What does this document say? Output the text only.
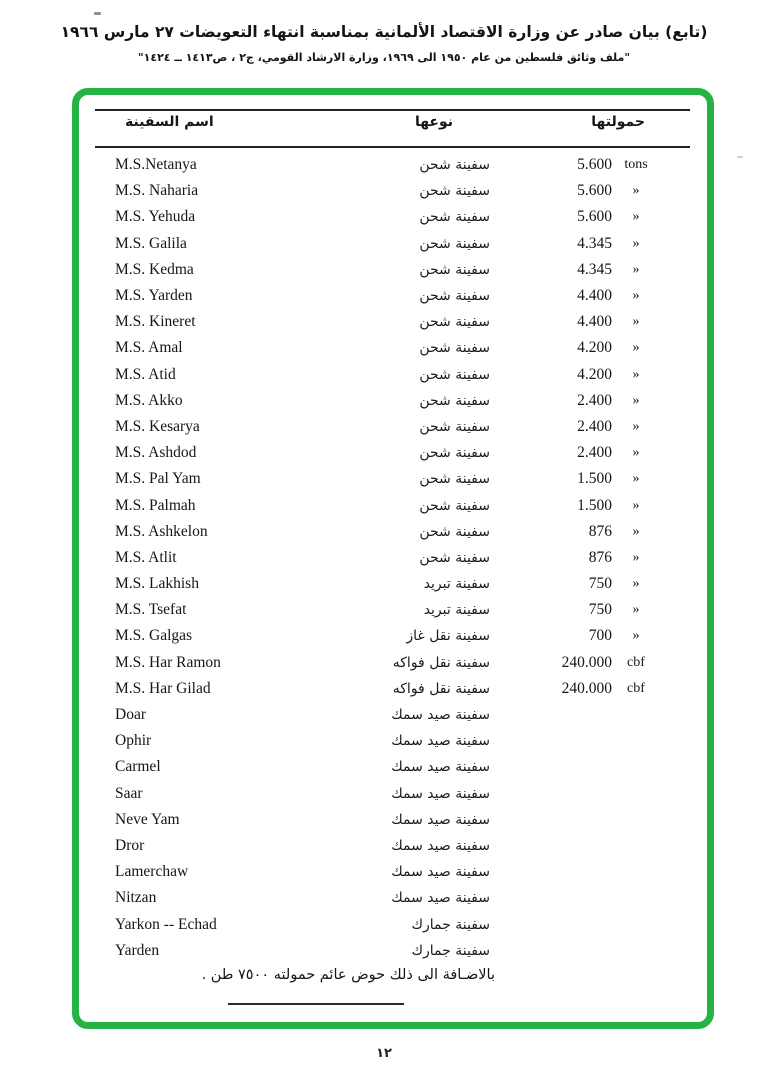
(تابع) بيان صادر عن وزارة الاقتصاد الألمانية بمناسبة انتهاء التعويضات ٢٧ مارس ١٩٦٦
"ملف وثائق فلسطين من عام ١٩٥٠ الى ١٩٦٩، وزارة الارشاد القومي، ج٢ ، ص١٤١٣ ــ ١٤٢٤"
اسم السفينة	نوعها	حمولتها
M.S.Netanya	سفينة شحن	5.600 tons
M.S. Naharia	سفينة شحن	5.600	»
M.S. Yehuda	سفينة شحن	5.600	»
M.S. Galila	سفينة شحن	4.345	»
M.S. Kedma	سفينة شحن	4.345	»
M.S. Yarden	سفينة شحن	4.400	»
M.S. Kineret	سفينة شحن	4.400	»
M.S. Amal	سفينة شحن	4.200	»
M.S. Atid	سفينة شحن	4.200	»
M.S. Akko	سفينة شحن	2.400	»
M.S. Kesarya	سفينة شحن	2.400	»
M.S. Ashdod	سفينة شحن	2.400	»
M.S. Pal Yam	سفينة شحن	1.500	»
M.S. Palmah	سفينة شحن	1.500	»
M.S. Ashkelon	سفينة شحن	876	»
M.S. Atlit	سفينة شحن	876	»
M.S. Lakhish	سفينة تبريد	750	»
M.S. Tsefat	سفينة تبريد	750	»
M.S. Galgas	سفينة نقل غاز	700	»
M.S. Har Ramon	سفينة نقل فواكه	240.000	cbf
M.S. Har Gilad	سفينة نقل فواكه	240.000	cbf
Doar	سفينة صيد سمك
Ophir	سفينة صيد سمك
Carmel	سفينة صيد سمك
Saar	سفينة صيد سمك
Neve Yam	سفينة صيد سمك
Dror	سفينة صيد سمك
Lamerchaw	سفينة صيد سمك
Nitzan	سفينة صيد سمك
Yarkon -- Echad	سفينة جمارك
Yarden	سفينة جمارك
بالاضـافة الى ذلك حوض عائم حمولته ٧٥٠٠ طن .
١٢
